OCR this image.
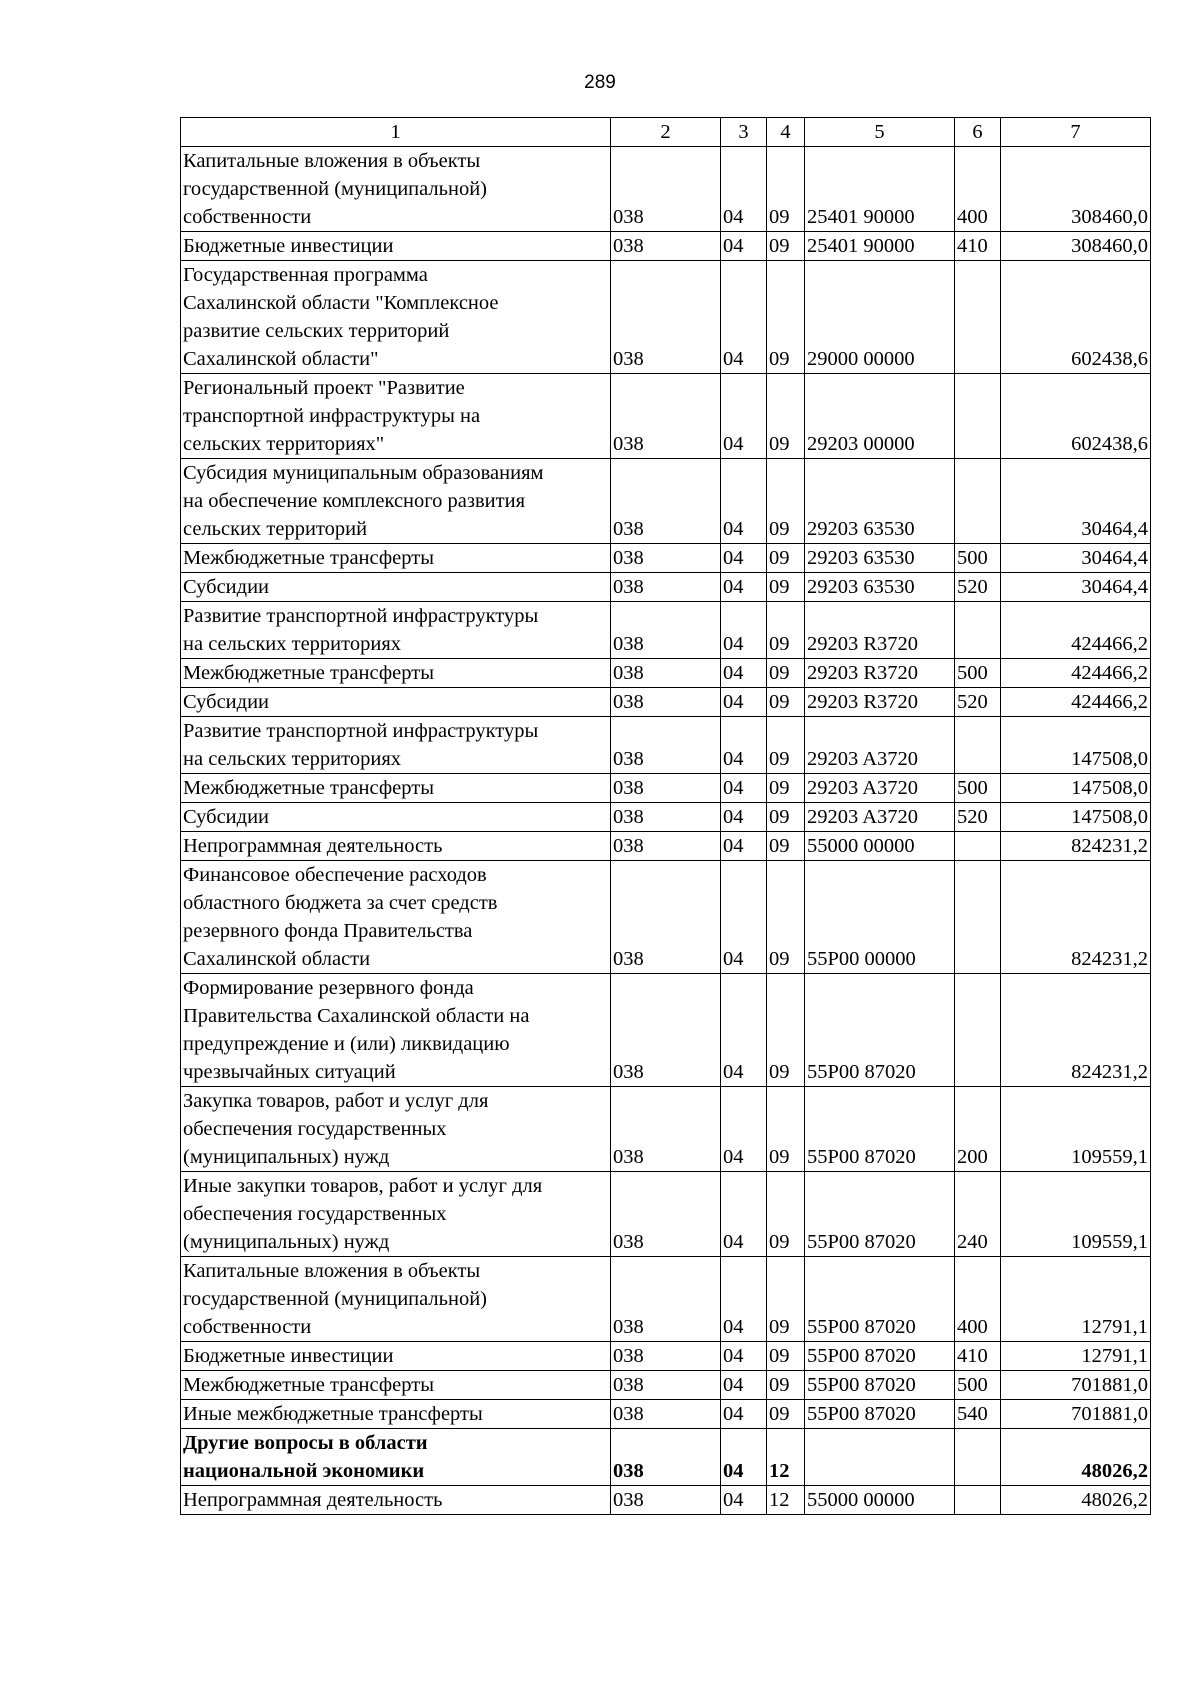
289
1	2	3	4	5	6	7
Капитальные вложения в объекты
государственной (муниципальной)
собственности	038	04	09	25401 90000	400	308460,0
Бюджетные инвестиции	038	04	09	25401 90000	410	308460,0
Государственная программа
Сахалинской области "Комплексное
развитие сельских территорий
Сахалинской области"	038	04	09	29000 00000		602438,6
Региональный проект "Развитие
транспортной инфраструктуры на
сельских территориях"	038	04	09	29203 00000		602438,6
Субсидия муниципальным образованиям
на обеспечение комплексного развития
сельских территорий	038	04	09	29203 63530		30464,4
Межбюджетные трансферты	038	04	09	29203 63530	500	30464,4
Субсидии	038	04	09	29203 63530	520	30464,4
Развитие транспортной инфраструктуры
на сельских территориях	038	04	09	29203 R3720		424466,2
Межбюджетные трансферты	038	04	09	29203 R3720	500	424466,2
Субсидии	038	04	09	29203 R3720	520	424466,2
Развитие транспортной инфраструктуры
на сельских территориях	038	04	09	29203 A3720		147508,0
Межбюджетные трансферты	038	04	09	29203 A3720	500	147508,0
Субсидии	038	04	09	29203 A3720	520	147508,0
Непрограммная деятельность	038	04	09	55000 00000		824231,2
Финансовое обеспечение расходов
областного бюджета за счет средств
резервного фонда Правительства
Сахалинской области	038	04	09	55P00 00000		824231,2
Формирование резервного фонда
Правительства Сахалинской области на
предупреждение и (или) ликвидацию
чрезвычайных ситуаций	038	04	09	55P00 87020		824231,2
Закупка товаров, работ и услуг для
обеспечения государственных
(муниципальных) нужд	038	04	09	55P00 87020	200	109559,1
Иные закупки товаров, работ и услуг для
обеспечения государственных
(муниципальных) нужд	038	04	09	55P00 87020	240	109559,1
Капитальные вложения в объекты
государственной (муниципальной)
собственности	038	04	09	55P00 87020	400	12791,1
Бюджетные инвестиции	038	04	09	55P00 87020	410	12791,1
Межбюджетные трансферты	038	04	09	55P00 87020	500	701881,0
Иные межбюджетные трансферты	038	04	09	55P00 87020	540	701881,0
Другие вопросы в области
национальной экономики	038	04	12			48026,2
Непрограммная деятельность	038	04	12	55000 00000		48026,2
